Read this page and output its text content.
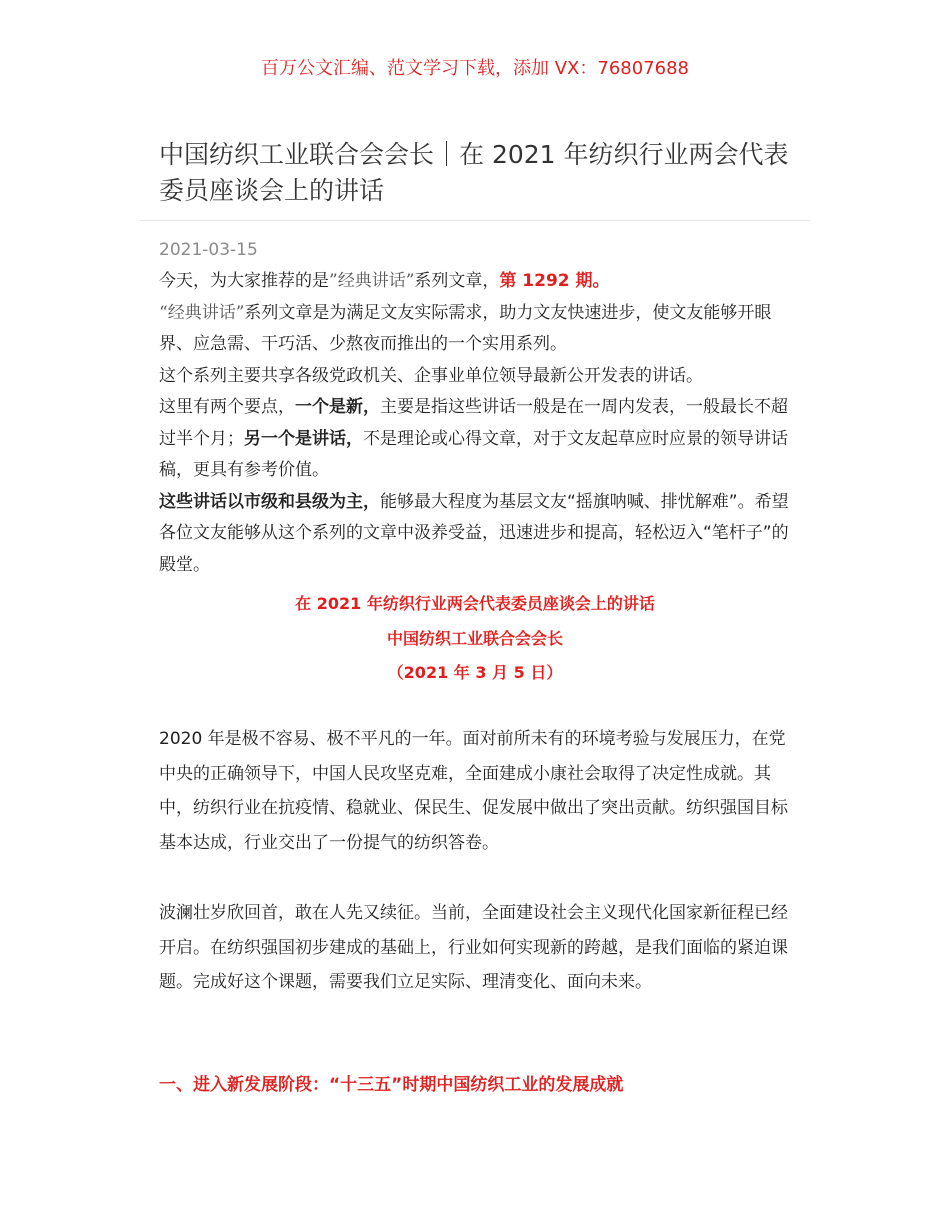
百万公文汇编、范文学习下载，添加 VX：76807688
中国纺织工业联合会会长｜在 2021 年纺织行业两会代表委员座谈会上的讲话
2021-03-15

今天，为大家推荐的是”经典讲话”系列文章，第 1292 期。

“经典讲话”系列文章是为满足文友实际需求，助力文友快速进步，使文友能够开眼界、应急需、干巧活、少熬夜而推出的一个实用系列。

这个系列主要共享各级党政机关、企事业单位领导最新公开发表的讲话。

这里有两个要点，一个是新，主要是指这些讲话一般是在一周内发表，一般最长不超过半个月；另一个是讲话，不是理论或心得文章，对于文友起草应时应景的领导讲话稿，更具有参考价值。

这些讲话以市级和县级为主，能够最大程度为基层文友“摇旗呐喊、排忧解难”。希望各位文友能够从这个系列的文章中汲养受益，迅速进步和提高，轻松迈入“笔杆子”的殿堂。

在 2021 年纺织行业两会代表委员座谈会上的讲话
中国纺织工业联合会会长
（2021 年 3 月 5 日）

2020 年是极不容易、极不平凡的一年。面对前所未有的环境考验与发展压力，在党中央的正确领导下，中国人民攻坚克难，全面建成小康社会取得了决定性成就。其中，纺织行业在抗疫情、稳就业、保民生、促发展中做出了突出贡献。纺织强国目标基本达成，行业交出了一份提气的纺织答卷。

波澜壮岁欣回首，敢在人先又续征。当前，全面建设社会主义现代化国家新征程已经开启。在纺织强国初步建成的基础上，行业如何实现新的跨越，是我们面临的紧迫课题。完成好这个课题，需要我们立足实际、理清变化、面向未来。

一、进入新发展阶段：“十三五”时期中国纺织工业的发展成就
